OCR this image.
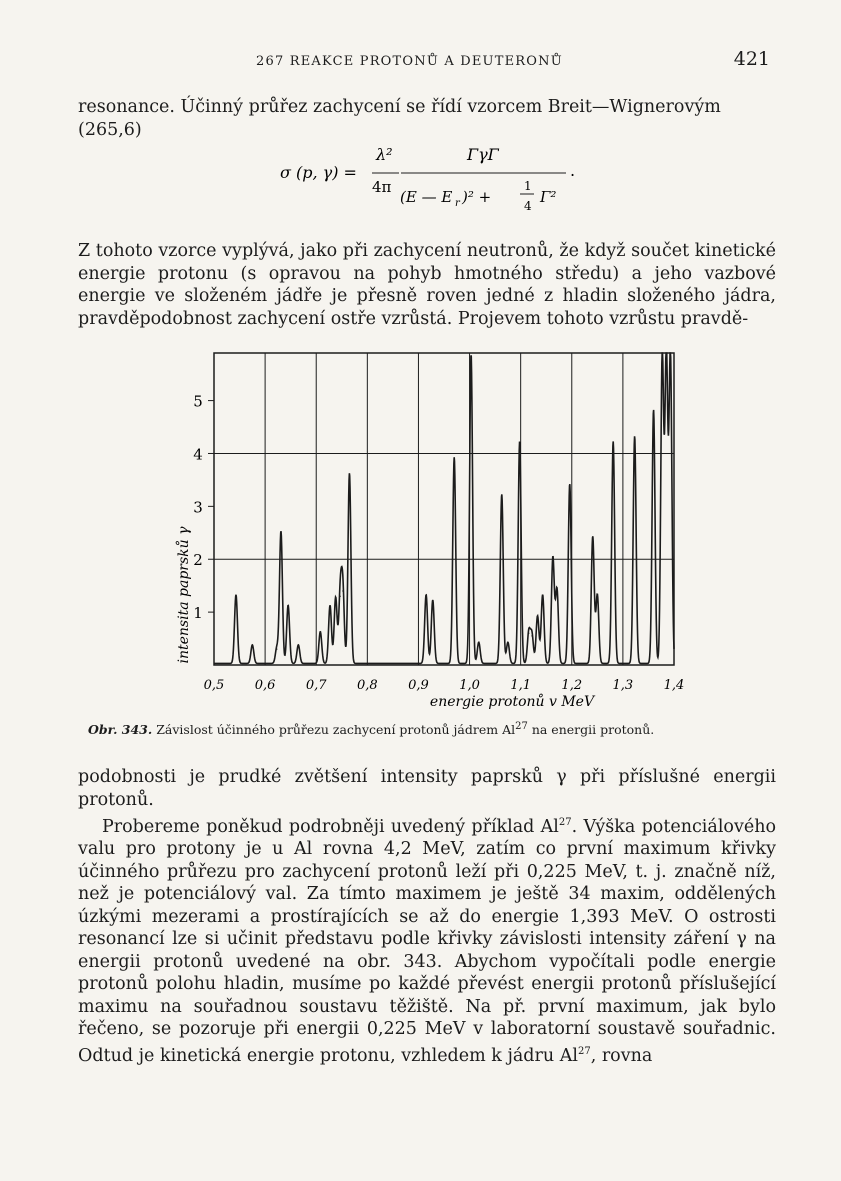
267 REAKCE PROTONŮ A DEUTERONŮ	421

resonance. Účinný průřez zachycení se řídí vzorcem Breit—Wignerovým
(265,6)

σ (p, γ) =
λ²
4π
ΓγΓ
(E — E r )² +
1
4 Γ²
.

Z tohoto vzorce vyplývá, jako při zachycení neutronů, že když součet kinetické energie protonu (s opravou na pohyb hmotného středu) a jeho vazbové energie ve složeném jádře je přesně roven jedné z hladin složeného jádra, pravděpodobnost zachycení ostře vzrůstá. Projevem tohoto vzrůstu pravdě-

0,5 0,6 0,7 0,8 0,9 1,0 1,1 1,2 1,3 1,4
1
2
3
4
5
intensita paprsků γ
energie protonů v MeV
Obr. 343. Závislost účinného průřezu zachycení protonů jádrem Al$^{27}$ na energii protonů.

podobnosti je prudké zvětšení intensity paprsků γ při příslušné energii protonů.

Probereme poněkud podrobněji uvedený příklad Al$^{27}$. Výška potenciálového valu pro protony je u Al rovna 4,2 MeV, zatím co první maximum křivky účinného průřezu pro zachycení protonů leží při 0,225 MeV, t. j. značně níž, než je potenciálový val. Za tímto maximem je ještě 34 maxim, oddělených úzkými mezerami a prostírajících se až do energie 1,393 MeV. O ostrosti resonancí lze si učinit představu podle křivky závislosti intensity záření γ na energii protonů uvedené na obr. 343. Abychom vypočítali podle energie protonů polohu hladin, musíme po každé převést energii protonů příslušející maximu na souřadnou soustavu těžiště. Na př. první maximum, jak bylo řečeno, se pozoruje při energii 0,225 MeV v laboratorní soustavě souřadnic. Odtud je kinetická energie protonu, vzhledem k jádru Al$^{27}$, rovna
